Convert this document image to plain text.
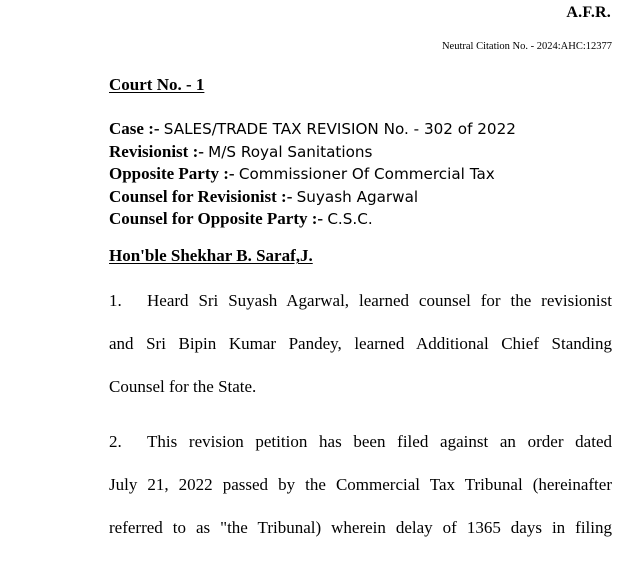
A.F.R.
Neutral Citation No. - 2024:AHC:12377
Court No. - 1
Case :- SALES/TRADE TAX REVISION No. - 302 of 2022
Revisionist :- M/S Royal Sanitations
Opposite Party :- Commissioner Of Commercial Tax
Counsel for Revisionist :- Suyash Agarwal
Counsel for Opposite Party :- C.S.C.
Hon'ble Shekhar B. Saraf,J.
1. Heard Sri Suyash Agarwal, learned counsel for the revisionist
and Sri Bipin Kumar Pandey, learned Additional Chief Standing
Counsel for the State.
2. This revision petition has been filed against an order dated
July 21, 2022 passed by the Commercial Tax Tribunal (hereinafter
referred to as "the Tribunal) wherein delay of 1365 days in filing
